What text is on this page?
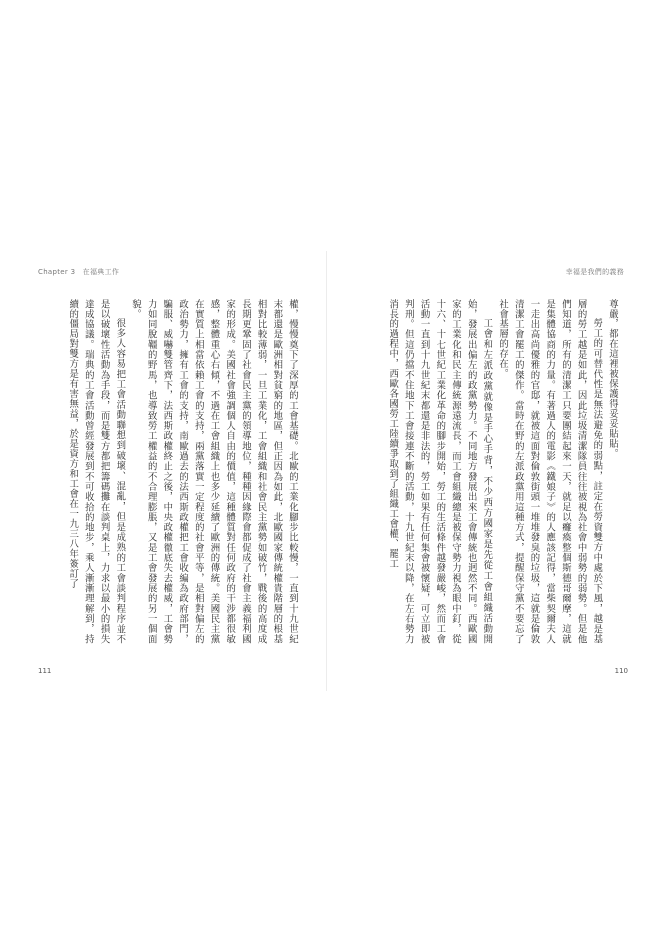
Chapter 3　在福典工作

權，慢慢奠下了深厚的工會基礎。北歐的工業化腳步比較慢，一直到十九世紀末都還是歐洲相對貧窮的地區，但正因為如此，北歐國家傳統權貴階層的根基相對比較薄弱，一旦工業化，工會組織和社會民主黨勢如破竹，戰後的高度成長期更鞏固了社會民主黨的領導地位，種種因緣際會都促成了社會主義福利國家的形成。美國社會強調個人自由的價值，這種體質對任何政府的干涉都很敏感，整體重心右傾，不過在工會組織上也多少延續了歐洲的傳統。美國民主黨在實質上相當依賴工會的支持，兩黨落實一定程度的社會平等，是相對偏左的政治勢力，擁有工會的支持，南歐過去的法西斯政權把工會收編為政府部門，騙服、威嚇雙管齊下，法西斯政權終止之後，中央政權徹底失去權威，工會勢力如同脫韁的野馬，也導致勞工權益的不合理膨脹，又是工會發展的另一個面貌。

很多人容易把工會活動聯想到破壞、混亂，但是成熟的工會談判程序並不是以破壞性活動為手段，而是雙方都把籌碼攤在談判桌上，力求以最小的損失達成協議。瑞典的工會活動曾經發展到不可收拾的地步，乘人漸漸理解到，持續的僵局對雙方是有害無益，於是資方和工會在一九三八年簽訂了

111
幸福是我們的義務

尊嚴，都在這裡被保護得妥妥貼貼。

勞工的可替代性是無法避免的弱點，註定在勞資雙方中處於下風，越是基層的勞工越是如此，因此垃圾清潔隊員往往被視為社會中弱勢的弱勢。但是他們知道，所有的清潔工只要團結起來一天，就足以癱瘓整個斯德哥爾摩，這就是集體協商的力量。有著過人的電影《鐵娘子》的人應該記得，當柴契爾夫人一走出高尚優雅的官邸，就被這面對倫敦街頭一堆堆發臭的垃圾，這就是倫敦清潔工會罷工的傑作。當時在野的左派政黨用這種方式，提醒保守黨不要忘了社會基層的存在。

工會和左派政黨就像是手心手背，不少西方國家是先從工會組織活動開始，發展出偏左的政黨勢力。不同地方發展出來工會傳統也迥然不同。西歐國家的工業化和民主傳統源遠流長，而工會組織總是被保守勢力視為眼中釘，從十六、十七世紀工業化革命的腳步開始，勞工的生活條件越發嚴峻，然而工會活動一直到十九世紀末都還是非法的，勞工如果有任何集會被懷疑，可立即被判刑。但這仍擋不住地下工會接連不斷的活動，十九世紀末以降，在左右勢力消長的過程中，西歐各國勞工陸續爭取到了組織工會權、罷工

110
